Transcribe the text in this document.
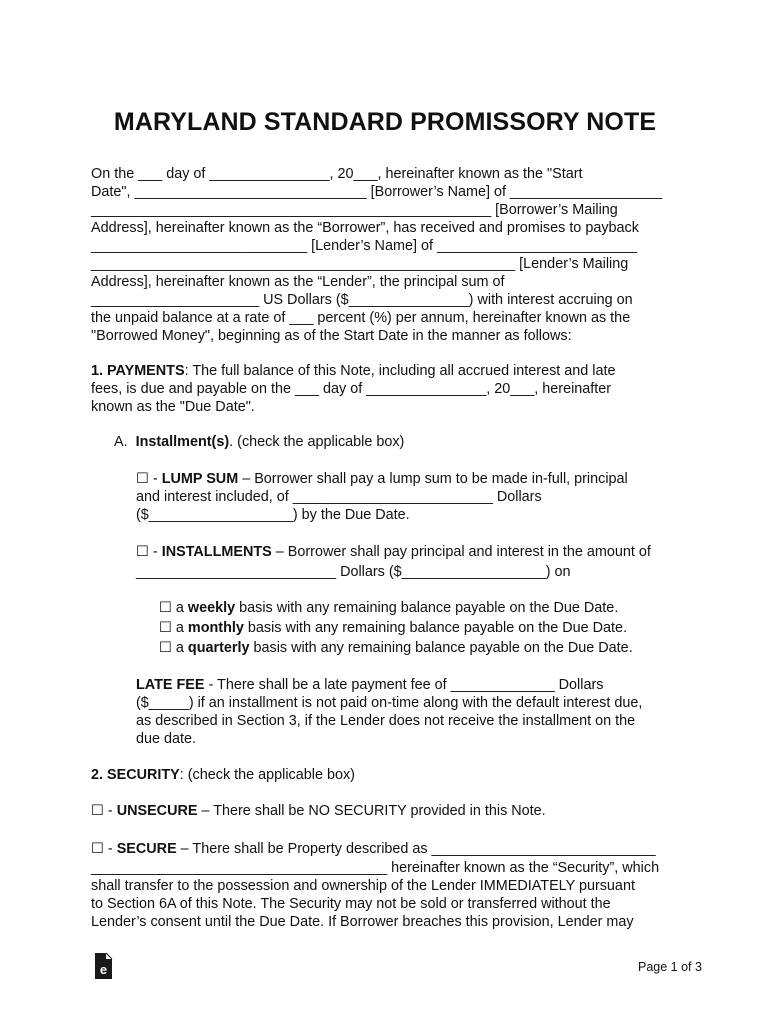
MARYLAND STANDARD PROMISSORY NOTE
On the ___ day of _______________, 20___, hereinafter known as the "Start
Date", _____________________________ [Borrower’s Name] of ___________________
__________________________________________________ [Borrower’s Mailing
Address], hereinafter known as the “Borrower”, has received and promises to payback
___________________________ [Lender’s Name] of _________________________
_____________________________________________________ [Lender’s Mailing
Address], hereinafter known as the “Lender”, the principal sum of
_____________________ US Dollars ($_______________) with interest accruing on
the unpaid balance at a rate of ___ percent (%) per annum, hereinafter known as the
"Borrowed Money", beginning as of the Start Date in the manner as follows:
1. PAYMENTS: The full balance of this Note, including all accrued interest and late
fees, is due and payable on the ___ day of _______________, 20___, hereinafter
known as the "Due Date".
A.  Installment(s). (check the applicable box)
☐ - LUMP SUM – Borrower shall pay a lump sum to be made in-full, principal
and interest included, of _________________________ Dollars
($__________________) by the Due Date.
☐ - INSTALLMENTS – Borrower shall pay principal and interest in the amount of
_________________________ Dollars ($__________________) on
☐ a weekly basis with any remaining balance payable on the Due Date.
☐ a monthly basis with any remaining balance payable on the Due Date.
☐ a quarterly basis with any remaining balance payable on the Due Date.
LATE FEE - There shall be a late payment fee of _____________ Dollars
($_____) if an installment is not paid on-time along with the default interest due,
as described in Section 3, if the Lender does not receive the installment on the
due date.
2. SECURITY: (check the applicable box)
☐ - UNSECURE – There shall be NO SECURITY provided in this Note.
☐ - SECURE – There shall be Property described as ____________________________
_____________________________________ hereinafter known as the “Security”, which
shall transfer to the possession and ownership of the Lender IMMEDIATELY pursuant
to Section 6A of this Note. The Security may not be sold or transferred without the
Lender’s consent until the Due Date. If Borrower breaches this provision, Lender may
e	Page 1 of 3
